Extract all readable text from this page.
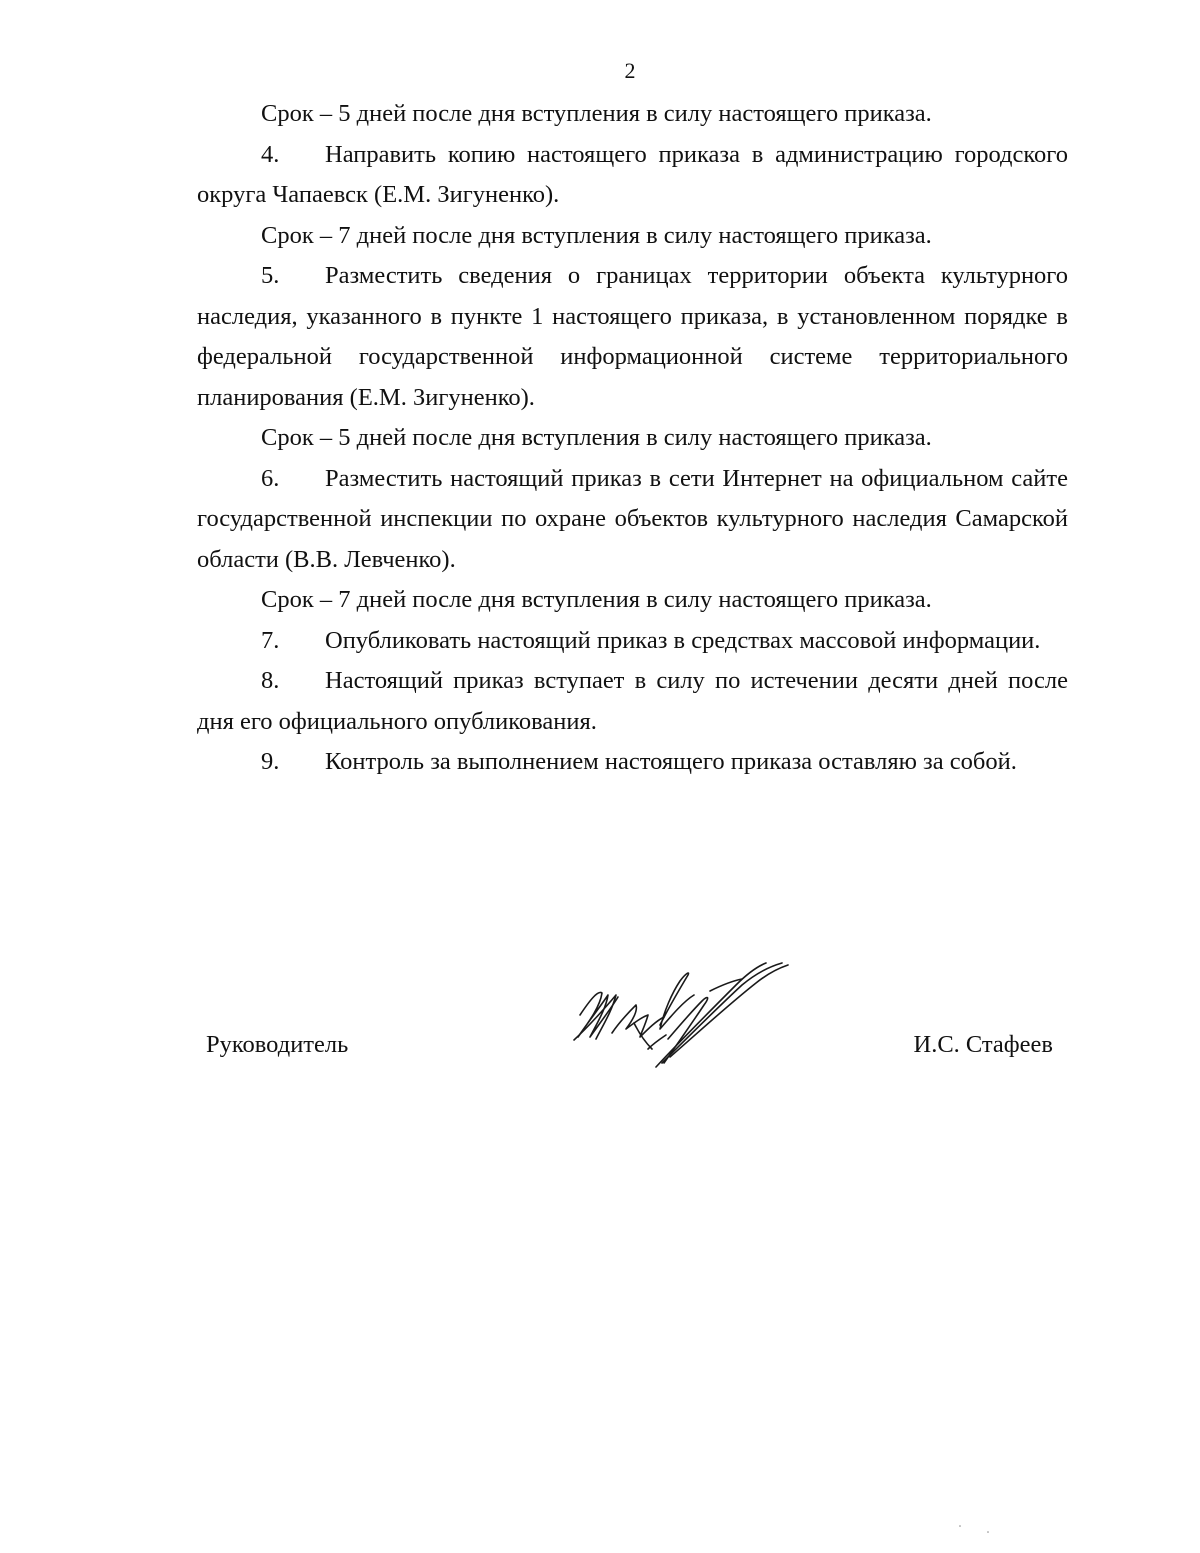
2

Срок – 5 дней после дня вступления в силу настоящего приказа.

4. Направить копию настоящего приказа в администрацию городского округа Чапаевск (Е.М. Зигуненко).

Срок – 7 дней после дня вступления в силу настоящего приказа.

5. Разместить сведения о границах территории объекта культурного наследия, указанного в пункте 1 настоящего приказа, в установленном порядке в федеральной государственной информационной системе территориального планирования (Е.М. Зигуненко).

Срок – 5 дней после дня вступления в силу настоящего приказа.

6. Разместить настоящий приказ в сети Интернет на официальном сайте государственной инспекции по охране объектов культурного наследия Самарской области (В.В. Левченко).

Срок – 7 дней после дня вступления в силу настоящего приказа.

7. Опубликовать настоящий приказ в средствах массовой информации.

8. Настоящий приказ вступает в силу по истечении десяти дней после дня его официального опубликования.

9. Контроль за выполнением настоящего приказа оставляю за собой.

Руководитель	И.С. Стафеев
